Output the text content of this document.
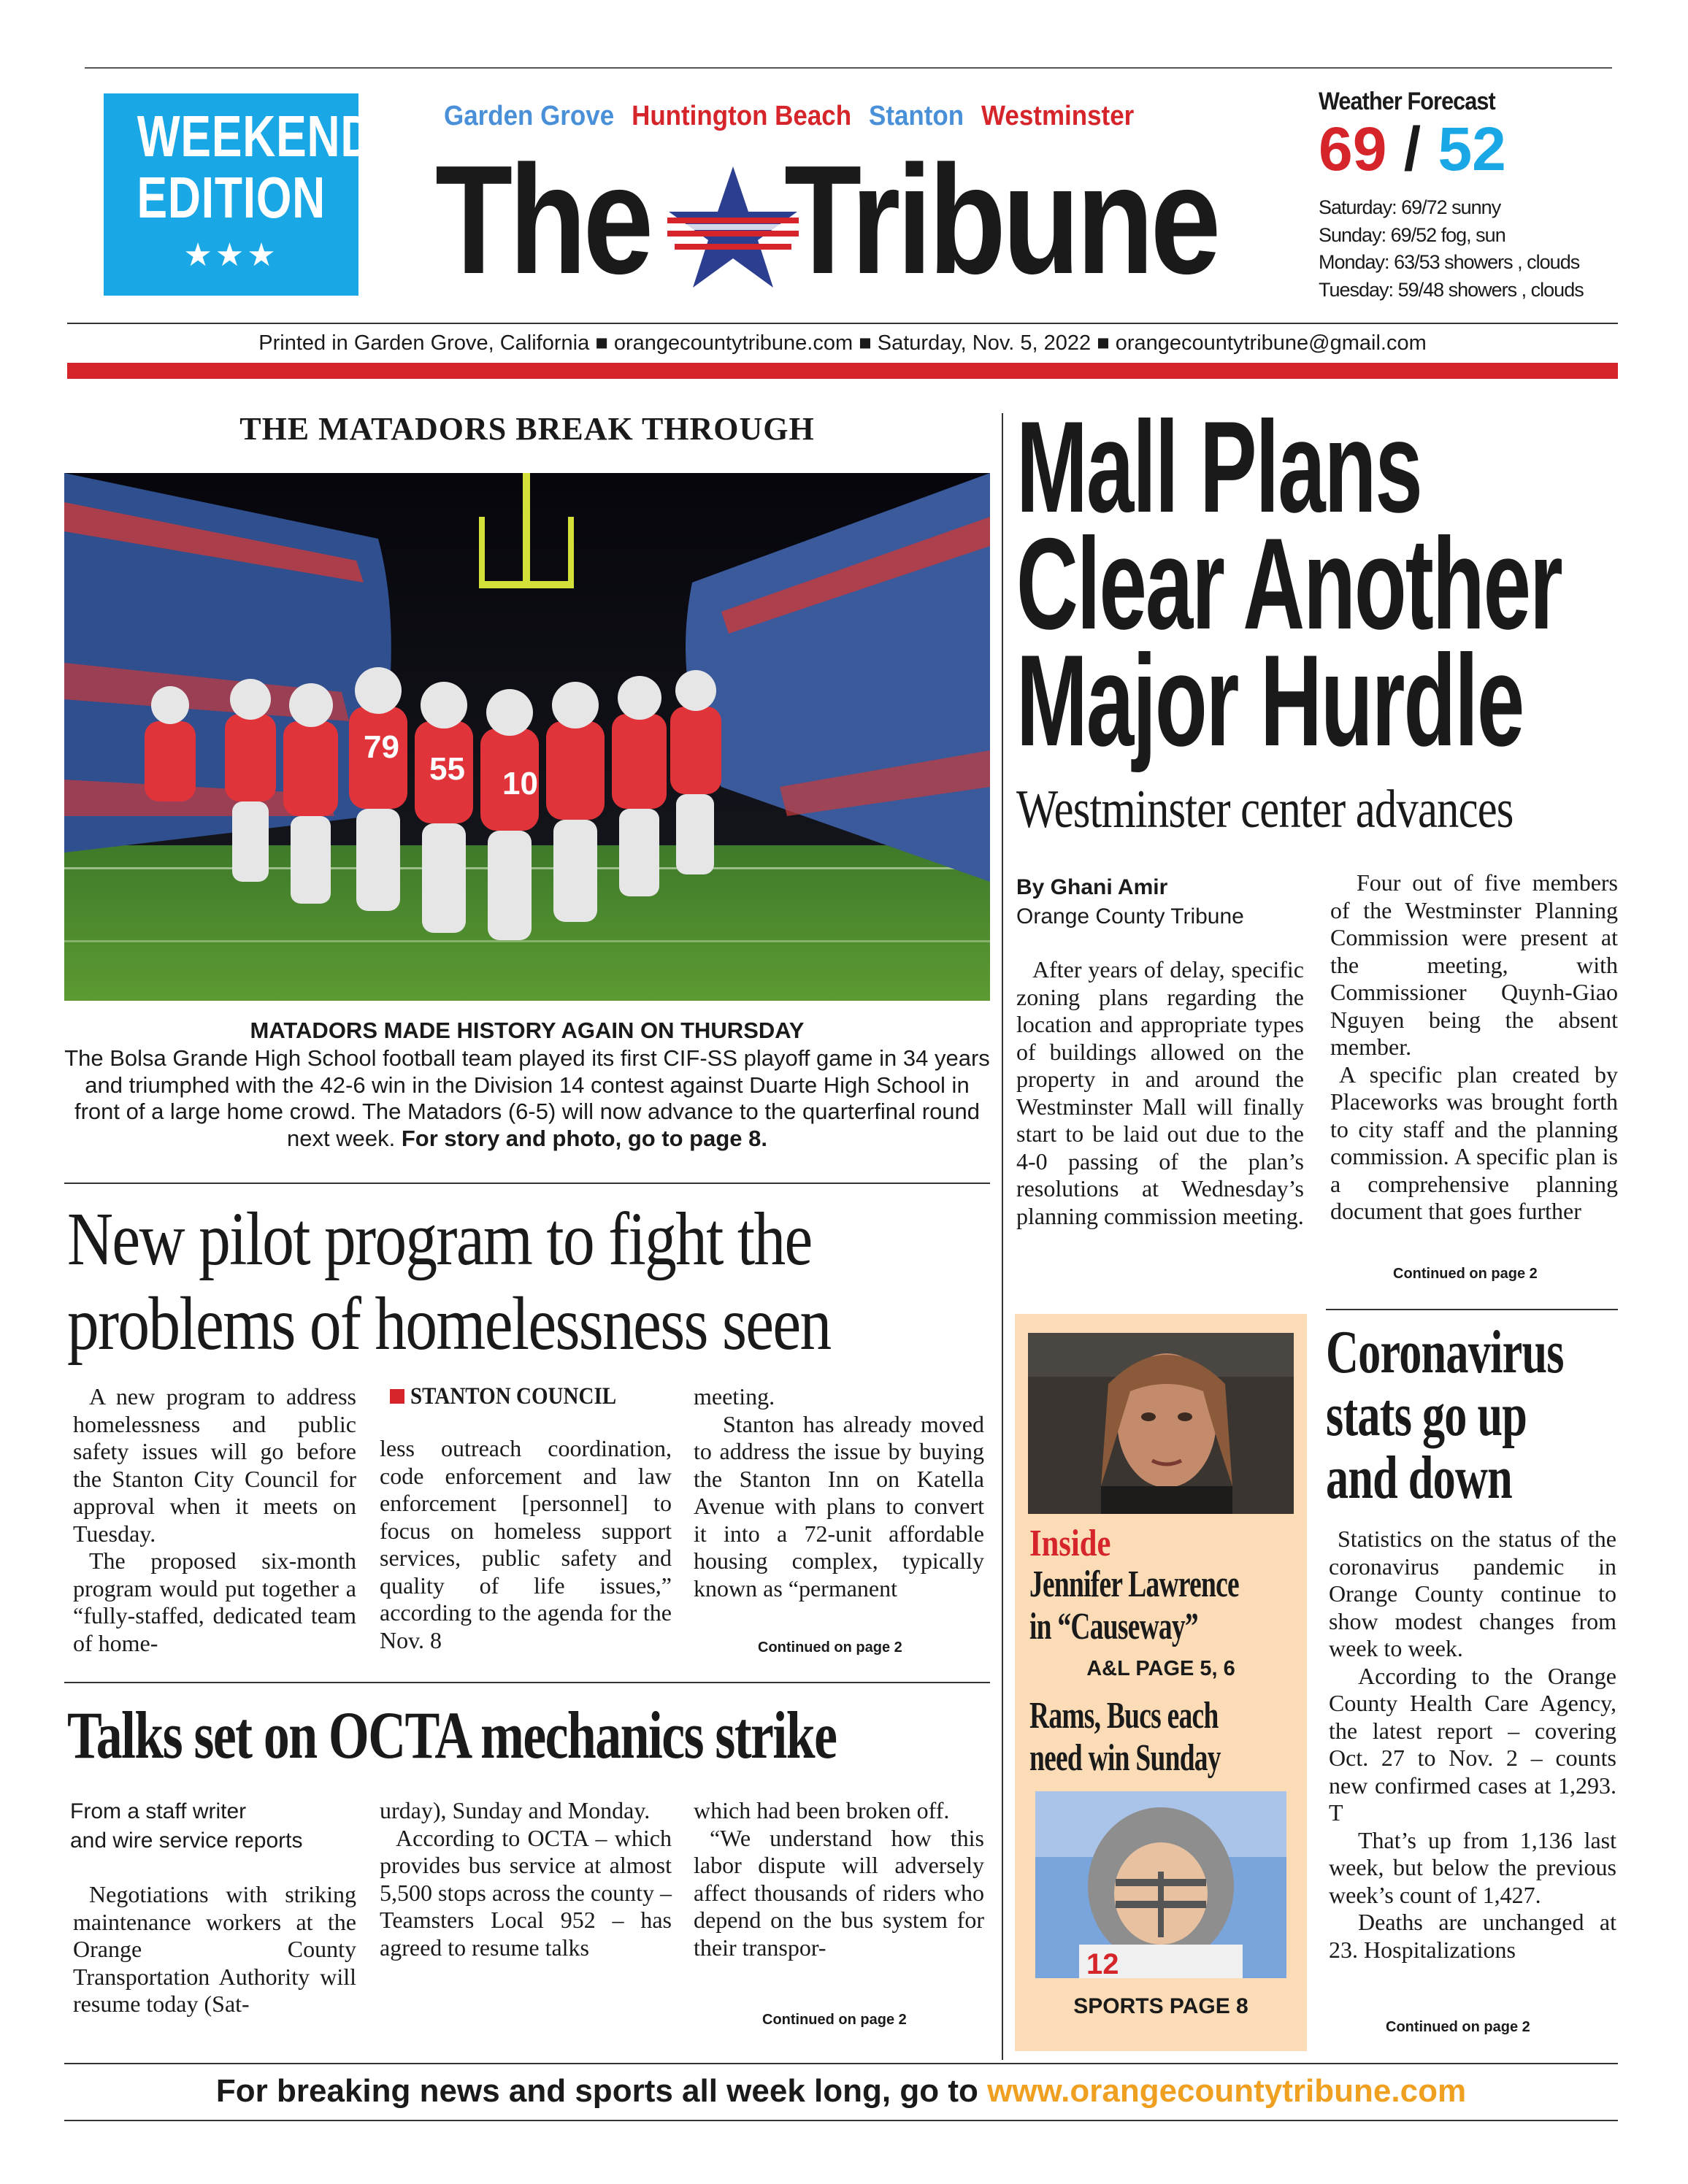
WEEKEND
EDITION
★★★
Garden Grove Huntington Beach Stanton Westminster
The Tribune
Weather Forecast
69 / 52
Saturday: 69/72 sunny
Sunday: 69/52 fog, sun
Monday: 63/53 showers , clouds
Tuesday: 59/48 showers , clouds
Printed in Garden Grove, California ■ orangecountytribune.com ■ Saturday, Nov. 5, 2022 ■ orangecountytribune@gmail.com
THE MATADORS BREAK THROUGH
55 10
79
MATADORS MADE HISTORY AGAIN ON THURSDAY
The Bolsa Grande High School football team played its first CIF-SS playoff game in 34 years and triumphed with the 42-6 win in the Division 14 contest against Duarte High School in front of a large home crowd. The Matadors (6-5) will now advance to the quarterfinal round next week. For story and photo, go to page 8.
New pilot program to fight the
problems of homelessness seen

A new program to address homelessness and public safety issues will go before the Stanton City Council for approval when it meets on Tuesday.

The proposed six-month program would put together a “fully-staffed, dedicated team of home-

STANTON COUNCIL

less outreach coordination, code enforcement and law enforcement [personnel] to focus on homeless support services, public safety and quality of life issues,” according to the agenda for the Nov. 8

meeting.

Stanton has already moved to address the issue by buying the Stanton Inn on Katella Avenue with plans to convert it into a 72-unit affordable housing complex, typically known as “permanent

Continued on page 2
Talks set on OCTA mechanics strike
From a staff writer
and wire service reports

Negotiations with striking maintenance workers at the Orange County Transportation Authority will resume today (Sat-

urday), Sunday and Monday.

According to OCTA – which provides bus service at almost 5,500 stops across the county – Teamsters Local 952 – has agreed to resume talks

which had been broken off.

“We understand how this labor dispute will adversely affect thousands of riders who depend on the bus system for their transpor-

Continued on page 2
Mall Plans
Clear Another
Major Hurdle
Westminster center advances
By Ghani Amir
Orange County Tribune

After years of delay, specific zoning plans regarding the location and appropriate types of buildings allowed on the property in and around the Westminster Mall will finally start to be laid out due to the 4-0 passing of the plan’s resolutions at Wednesday’s planning commission meeting.

Four out of five members of the Westminster Planning Commission were present at the meeting, with Commissioner Quynh-Giao Nguyen being the absent member.

A specific plan created by Placeworks was brought forth to city staff and the planning commission. A specific plan is a comprehensive planning document that goes further

Continued on page 2
Inside
Jennifer Lawrence
in “Causeway”
A&L PAGE 5, 6
Rams, Bucs each
need win Sunday
12
SPORTS PAGE 8
Coronavirus
stats go up
and down

Statistics on the status of the coronavirus pandemic in Orange County continue to show modest changes from week to week.

According to the Orange County Health Care Agency, the latest report – covering Oct. 27 to Nov. 2 – counts new confirmed cases at 1,293. T

That’s up from 1,136 last week, but below the previous week’s count of 1,427.

Deaths are unchanged at 23. Hospitalizations

Continued on page 2
For breaking news and sports all week long, go to www.orangecountytribune.com
